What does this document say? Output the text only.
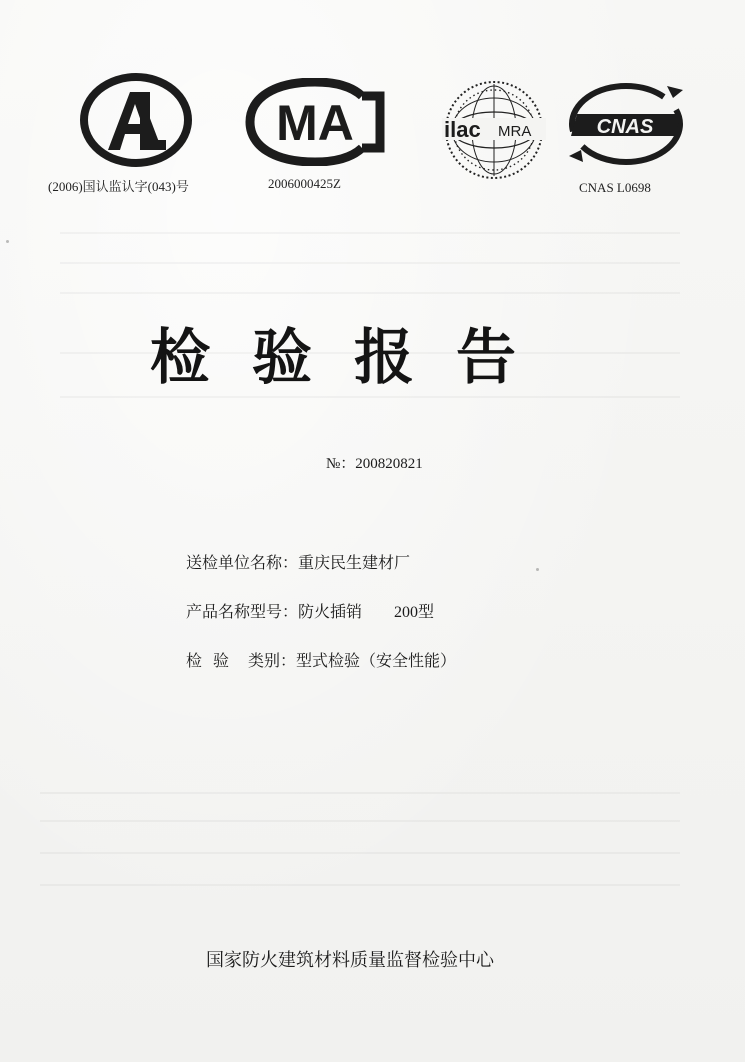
MA	ilac MRA	CNAS
(2006)国认监认字(043)号	2006000425Z	CNAS L0698
检验报告
№：200820821
送检单位名称：重庆民生建材厂
产品名称型号：防火插销 200型
检验 类别：型式检验（安全性能）
国家防火建筑材料质量监督检验中心
